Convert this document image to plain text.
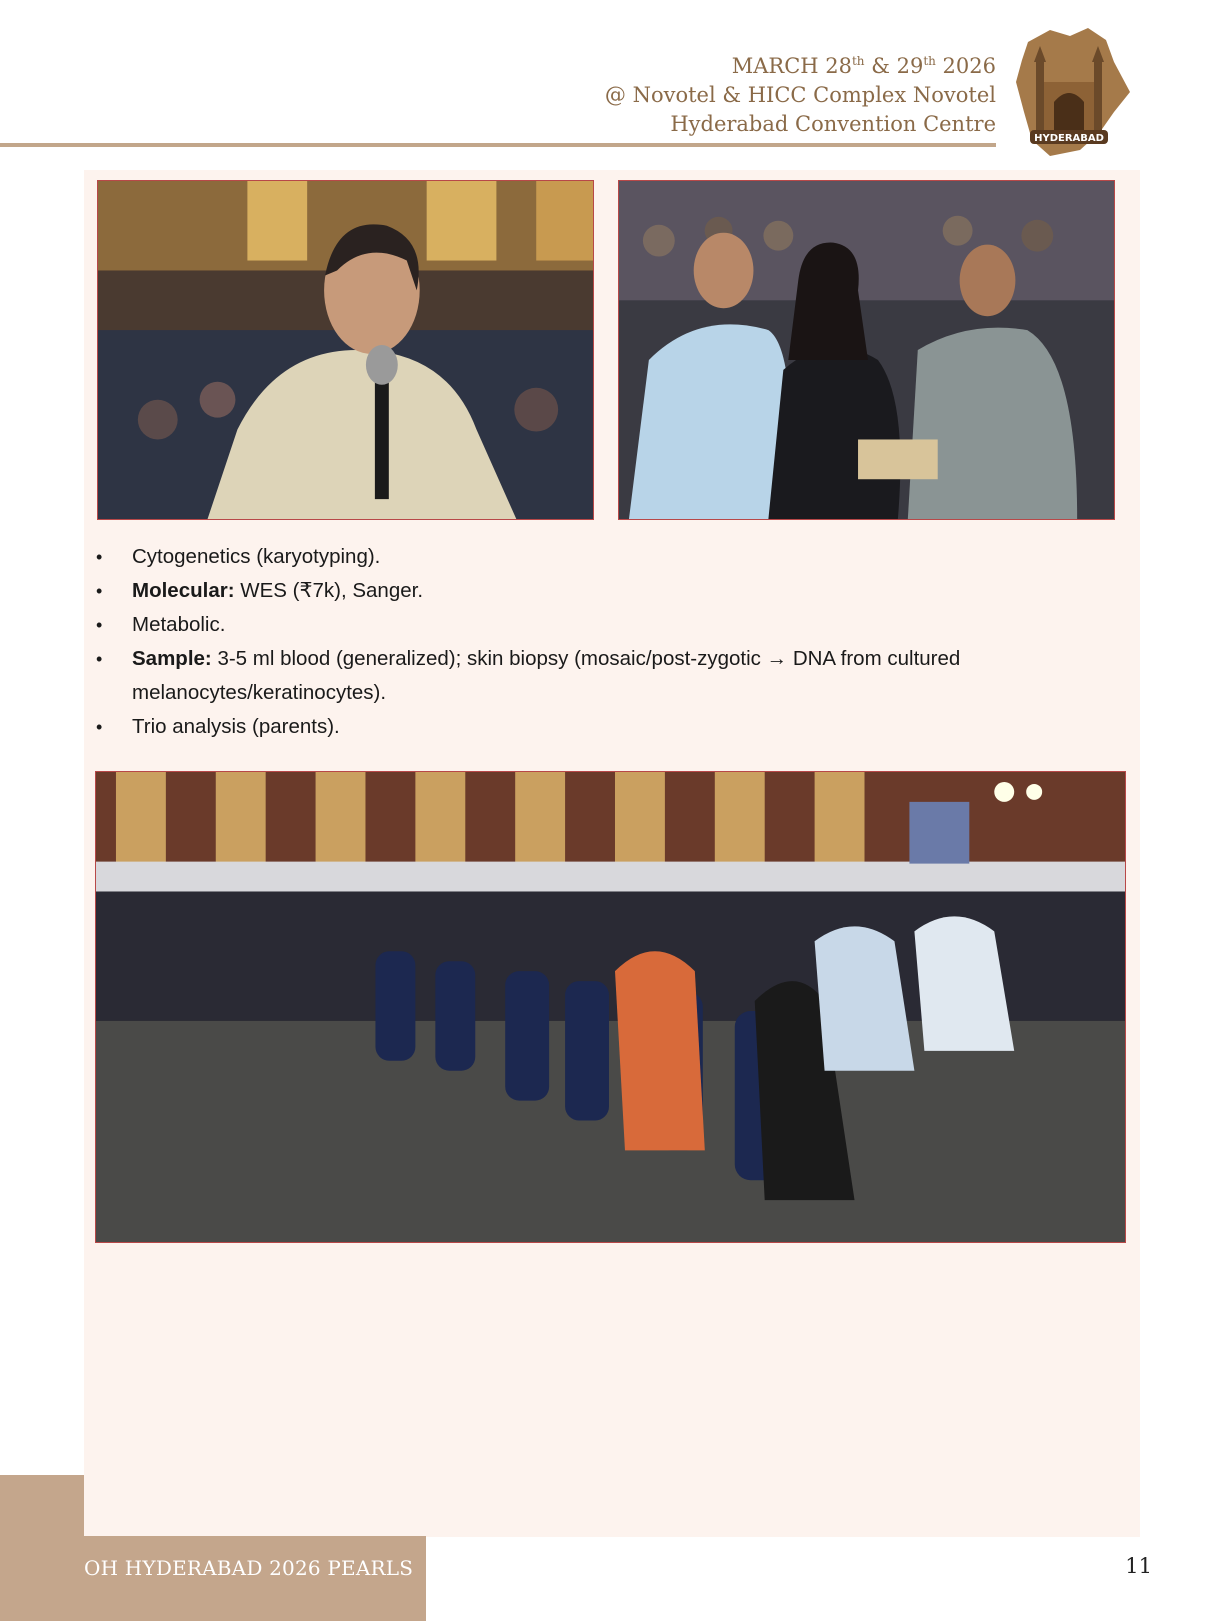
MARCH 28th & 29th 2026
@ Novotel & HICC Complex Novotel
Hyderabad Convention Centre
HYDERABAD
• Cytogenetics (karyotyping).
• Molecular: WES (₹7k), Sanger.
• Metabolic.
• Sample: 3-5 ml blood (generalized); skin biopsy (mosaic/post-zygotic → DNA from cultured melanocytes/keratinocytes).
• Trio analysis (parents).
OH HYDERABAD 2026 PEARLS	11
